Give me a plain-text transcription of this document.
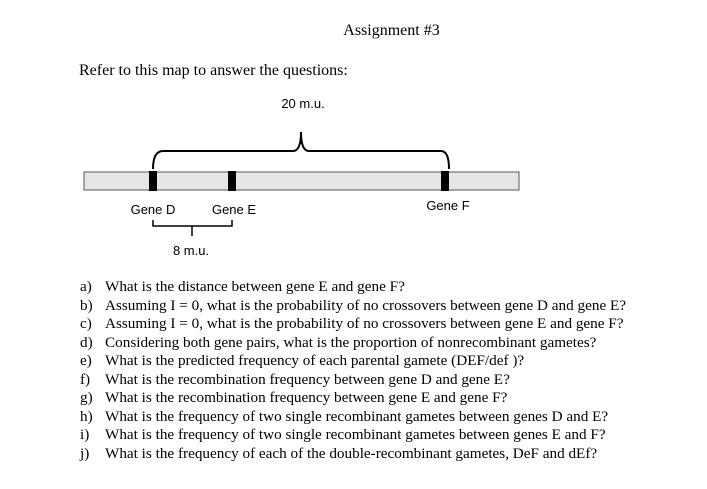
Assignment #3
Refer to this map to answer the questions:
20 m.u.
Gene D	Gene E	Gene F
8 m.u.
a) What is the distance between gene E and gene F?
b) Assuming I = 0, what is the probability of no crossovers between gene D and gene E?
c) Assuming I = 0, what is the probability of no crossovers between gene E and gene F?
d) Considering both gene pairs, what is the proportion of nonrecombinant gametes?
e) What is the predicted frequency of each parental gamete (DEF/def )?
f) What is the recombination frequency between gene D and gene E?
g) What is the recombination frequency between gene E and gene F?
h) What is the frequency of two single recombinant gametes between genes D and E?
i)	What is the frequency of two single recombinant gametes between genes E and F?
j)	What is the frequency of each of the double-recombinant gametes, DeF and dEf?
